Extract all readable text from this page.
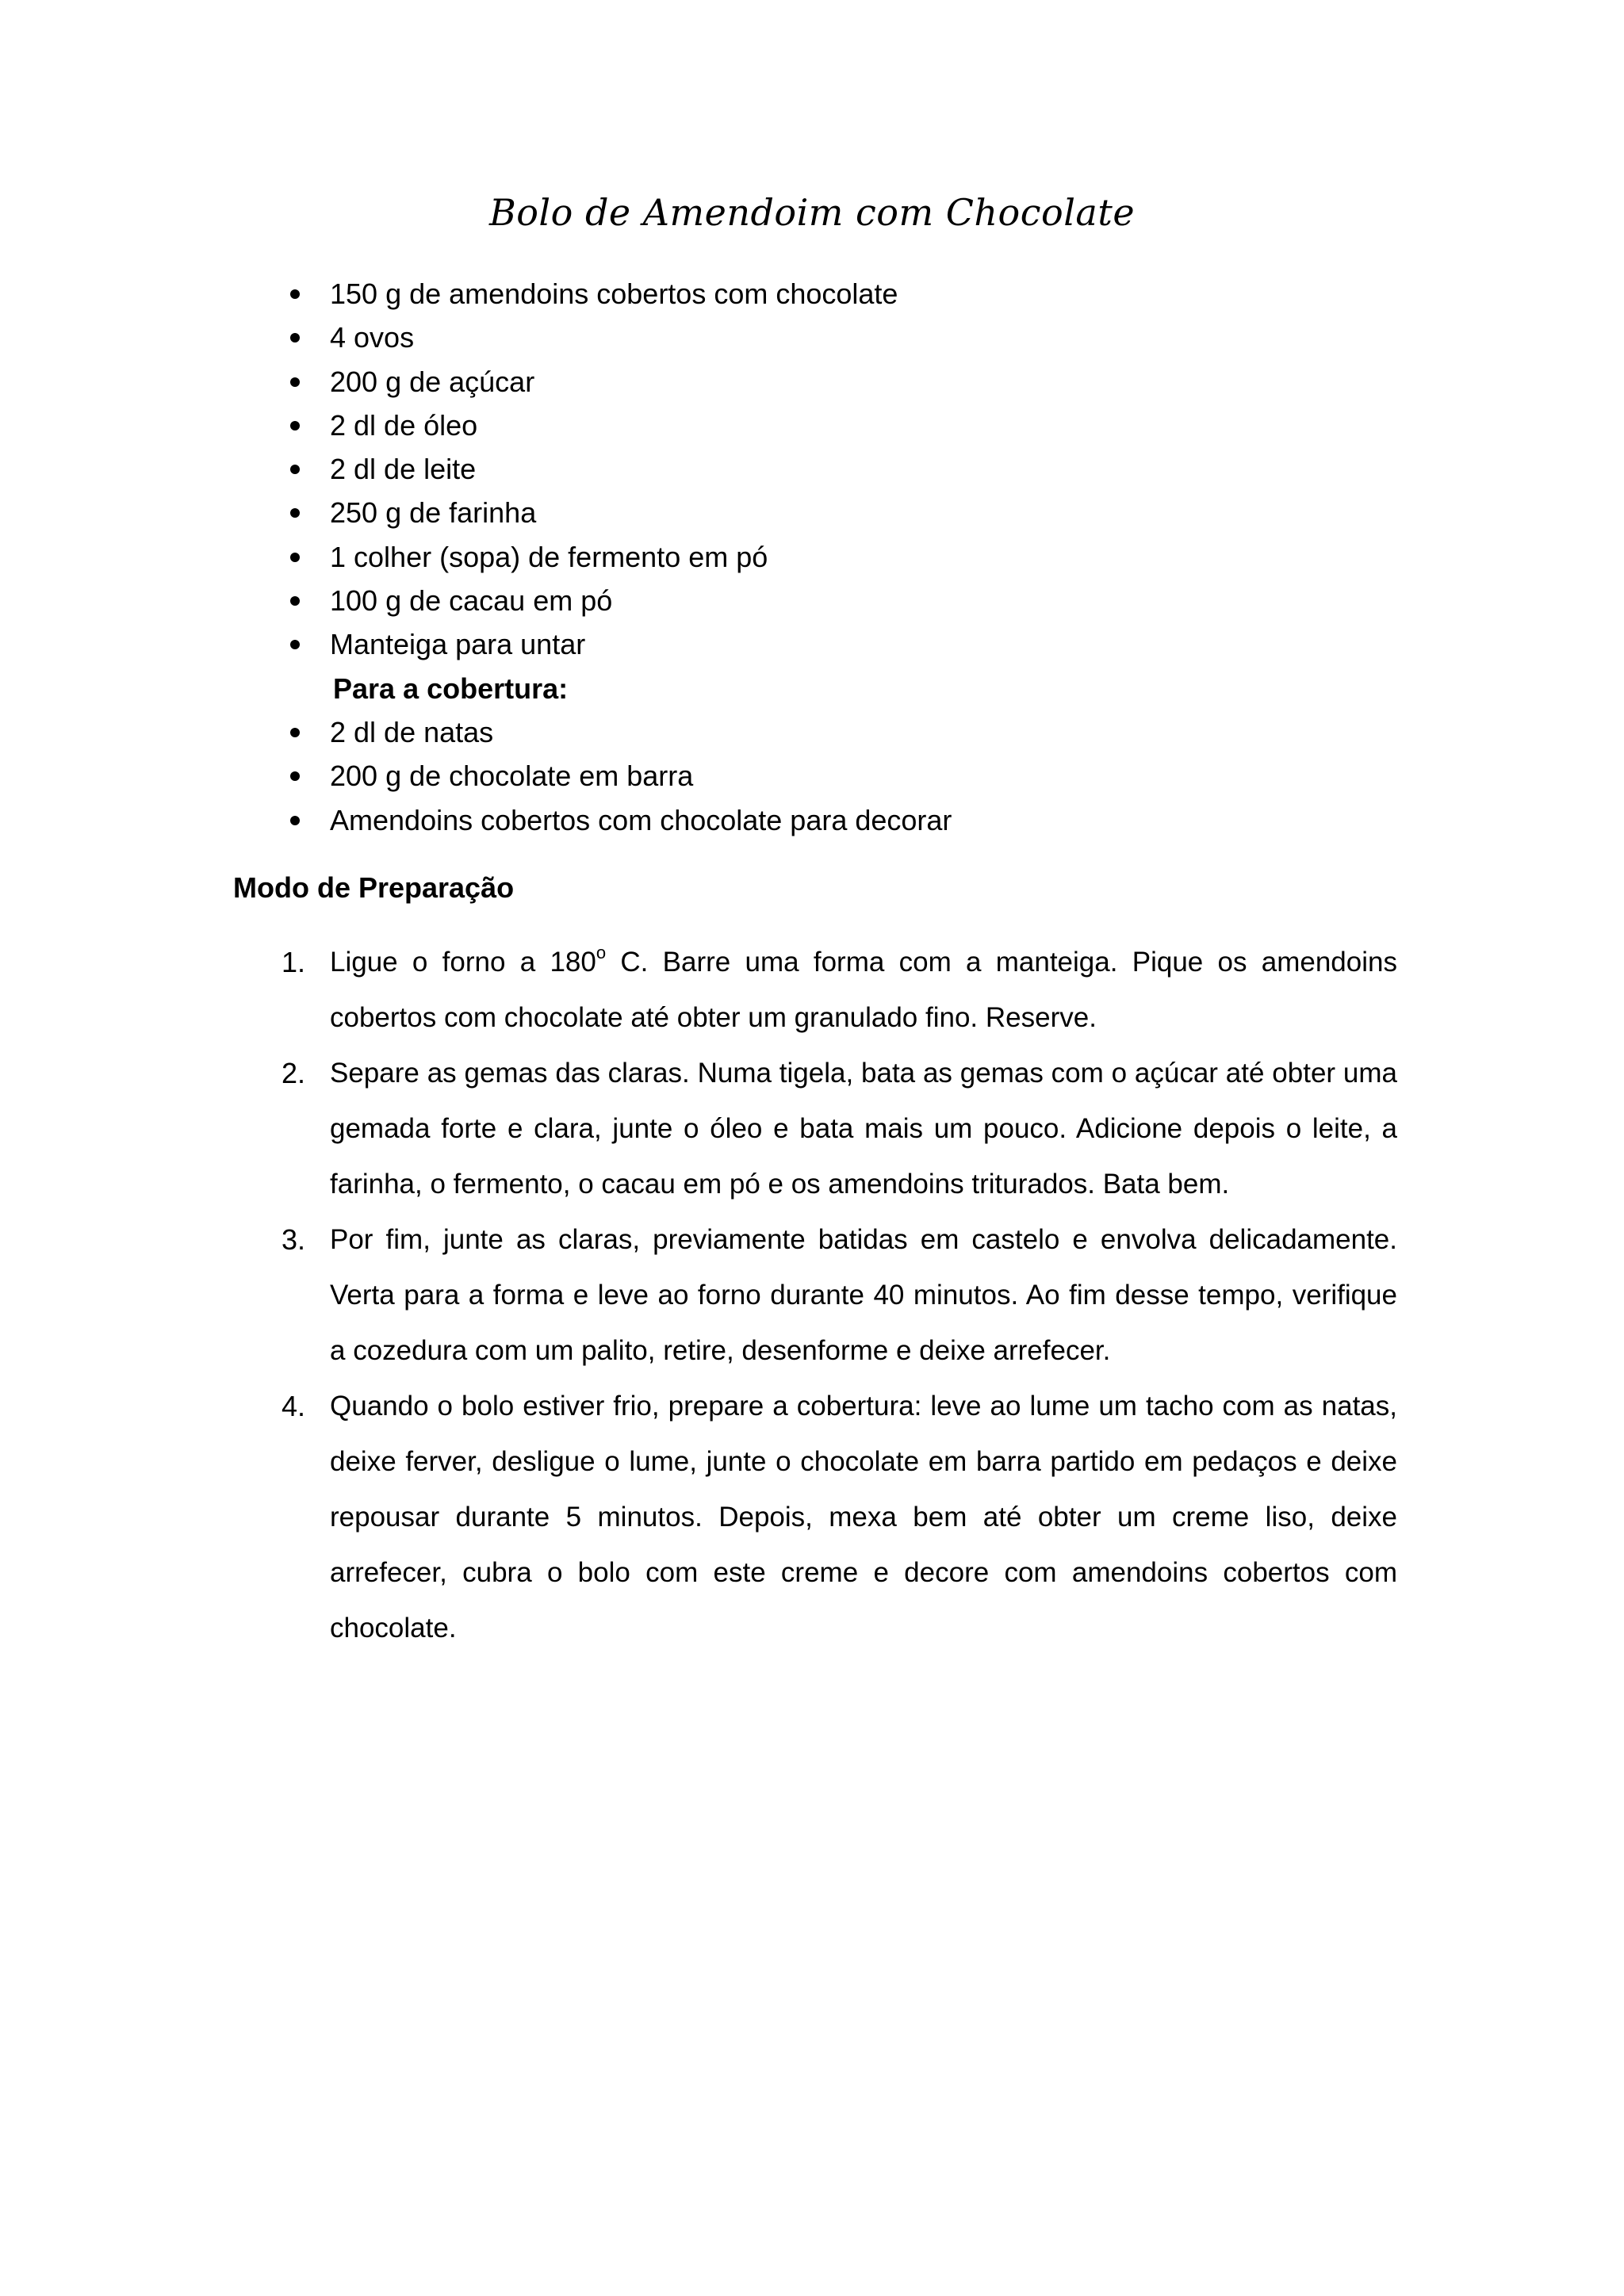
Bolo de Amendoim com Chocolate
150 g de amendoins cobertos com chocolate
4 ovos
200 g de açúcar
2 dl de óleo
2 dl de leite
250 g de farinha
1 colher (sopa) de fermento em pó
100 g de cacau em pó
Manteiga para untar
Para a cobertura:
2 dl de natas
200 g de chocolate em barra
Amendoins cobertos com chocolate para decorar
Modo de Preparação
1. Ligue o forno a 180$^o$ C. Barre uma forma com a manteiga. Pique os amendoins cobertos com chocolate até obter um granulado fino. Reserve.
2. Separe as gemas das claras. Numa tigela, bata as gemas com o açúcar até obter uma gemada forte e clara, junte o óleo e bata mais um pouco. Adicione depois o leite, a farinha, o fermento, o cacau em pó e os amendoins triturados. Bata bem.
3. Por fim, junte as claras, previamente batidas em castelo e envolva delicadamente. Verta para a forma e leve ao forno durante 40 minutos. Ao fim desse tempo, verifique a cozedura com um palito, retire, desenforme e deixe arrefecer.
4. Quando o bolo estiver frio, prepare a cobertura: leve ao lume um tacho com as natas, deixe ferver, desligue o lume, junte o chocolate em barra partido em pedaços e deixe repousar durante 5 minutos. Depois, mexa bem até obter um creme liso, deixe arrefecer, cubra o bolo com este creme e decore com amendoins cobertos com chocolate.
